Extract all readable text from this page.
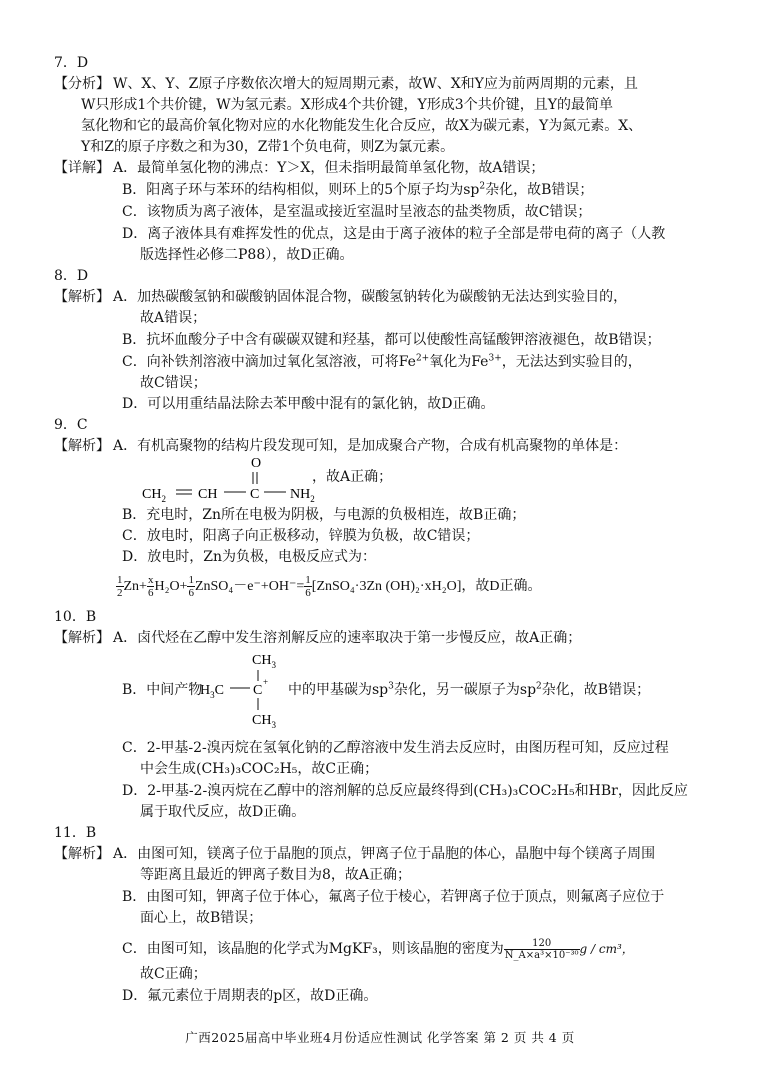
7．D
【分析】 W、X、Y、Z原子序数依次增大的短周期元素，故W、X和Y应为前两周期的元素，且
W只形成1个共价键，W为氢元素。X形成4个共价键，Y形成3个共价键，且Y的最简单
氢化物和它的最高价氧化物对应的水化物能发生化合反应，故X为碳元素，Y为氮元素。X、
Y和Z的原子序数之和为30，Z带1个负电荷，则Z为氯元素。
【详解】 A．最简单氢化物的沸点：Y＞X，但未指明最简单氢化物，故A错误；
B．阳离子环与苯环的结构相似，则环上的5个原子均为$sp^2$杂化，故B错误；
C．该物质为离子液体，是室温或接近室温时呈液态的盐类物质，故C错误；
D．离子液体具有难挥发性的优点，这是由于离子液体的粒子全部是带电荷的离子（人教
版选择性必修二P88），故D正确。
8．D
【解析】 A．加热碳酸氢钠和碳酸钠固体混合物，碳酸氢钠转化为碳酸钠无法达到实验目的，
故A错误；
B．抗坏血酸分子中含有碳碳双键和羟基，都可以使酸性高锰酸钾溶液褪色，故B错误；
C．向补铁剂溶液中滴加过氧化氢溶液，可将$Fe^{2+}$氧化为$Fe^{3+}$，无法达到实验目的，
故C错误；
D．可以用重结晶法除去苯甲酸中混有的氯化钠，故D正确。
9．C
【解析】 A．有机高聚物的结构片段发现可知，是加成聚合产物，合成有机高聚物的单体是：
O
$CH_2$ CH C $NH_2$
，故A正确；
B．充电时，Zn所在电极为阴极，与电源的负极相连，故B正确；
C．放电时，阳离子向正极移动，锌膜为负极，故C错误；
D．放电时，Zn为负极，电极反应式为：
$\frac{1}{2} Zn+ \frac{x}{6} H_2O+ \frac{1}{6}$ ZnSO₄－e⁻+OH⁻= $\frac{1}{6}$ [ZnSO₄·3Zn (OH)₂·xH₂O]，故D正确。
10．B
【解析】 A．卤代烃在乙醇中发生溶剂解反应的速率取决于第一步慢反应，故A正确；
B．中间产物
$CH_3$
$H_3C$ C
+
$CH_3$
中的甲基碳为$sp^3$杂化，另一碳原子为$sp^2$杂化，故B错误；
C．2-甲基-2-溴丙烷在氢氧化钠的乙醇溶液中发生消去反应时，由图历程可知，反应过程
中会生成(CH₃)₃COC₂H₅，故C正确；
D．2-甲基-2-溴丙烷在乙醇中的溶剂解的总反应最终得到(CH₃)₃COC₂H₅和HBr，因此反应
属于取代反应，故D正确。
11．B
【解析】 A．由图可知，镁离子位于晶胞的顶点，钾离子位于晶胞的体心，晶胞中每个镁离子周围
等距离且最近的钾离子数目为8，故A正确；
B．由图可知，钾离子位于体心，氟离子位于棱心，若钾离子位于顶点，则氟离子应位于
面心上，故B错误；
C．由图可知，该晶胞的化学式为MgKF₃，则该晶胞的密度为 $\frac{120}{\text{N\_A×a³×10⁻³⁰}}$ g / cm³，
故C正确；
D．氟元素位于周期表的p区，故D正确。
广西2025届高中毕业班4月份适应性测试 化学答案 第 2 页 共 4 页
